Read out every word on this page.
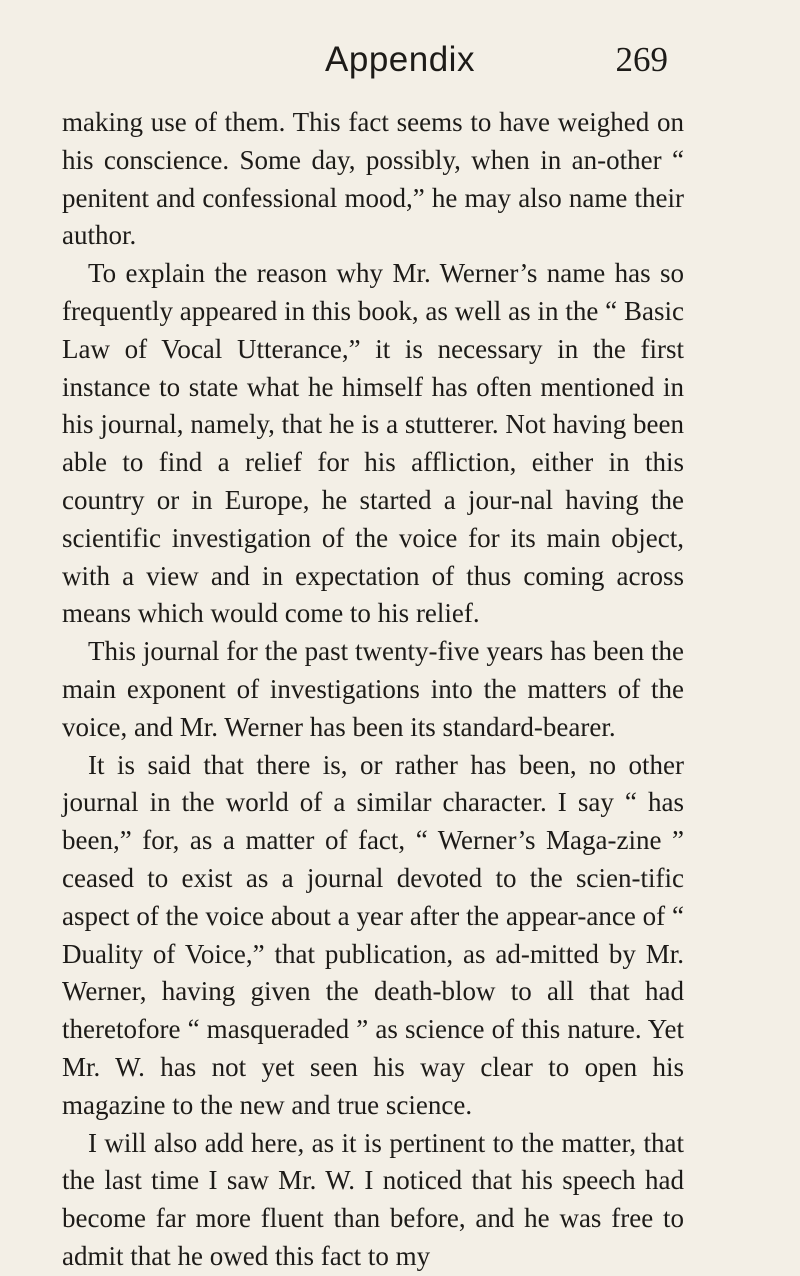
Appendix	269

making use of them. This fact seems to have weighed on his conscience. Some day, possibly, when in an-other “ penitent and confessional mood,” he may also name their author.

To explain the reason why Mr. Werner’s name has so frequently appeared in this book, as well as in the “ Basic Law of Vocal Utterance,” it is necessary in the first instance to state what he himself has often mentioned in his journal, namely, that he is a stutterer. Not having been able to find a relief for his affliction, either in this country or in Europe, he started a jour-nal having the scientific investigation of the voice for its main object, with a view and in expectation of thus coming across means which would come to his relief.

This journal for the past twenty-five years has been the main exponent of investigations into the matters of the voice, and Mr. Werner has been its standard-bearer.

It is said that there is, or rather has been, no other journal in the world of a similar character. I say “ has been,” for, as a matter of fact, “ Werner’s Maga-zine ” ceased to exist as a journal devoted to the scien-tific aspect of the voice about a year after the appear-ance of “ Duality of Voice,” that publication, as ad-mitted by Mr. Werner, having given the death-blow to all that had theretofore “ masqueraded ” as science of this nature. Yet Mr. W. has not yet seen his way clear to open his magazine to the new and true science.

I will also add here, as it is pertinent to the matter, that the last time I saw Mr. W. I noticed that his speech had become far more fluent than before, and he was free to admit that he owed this fact to my
